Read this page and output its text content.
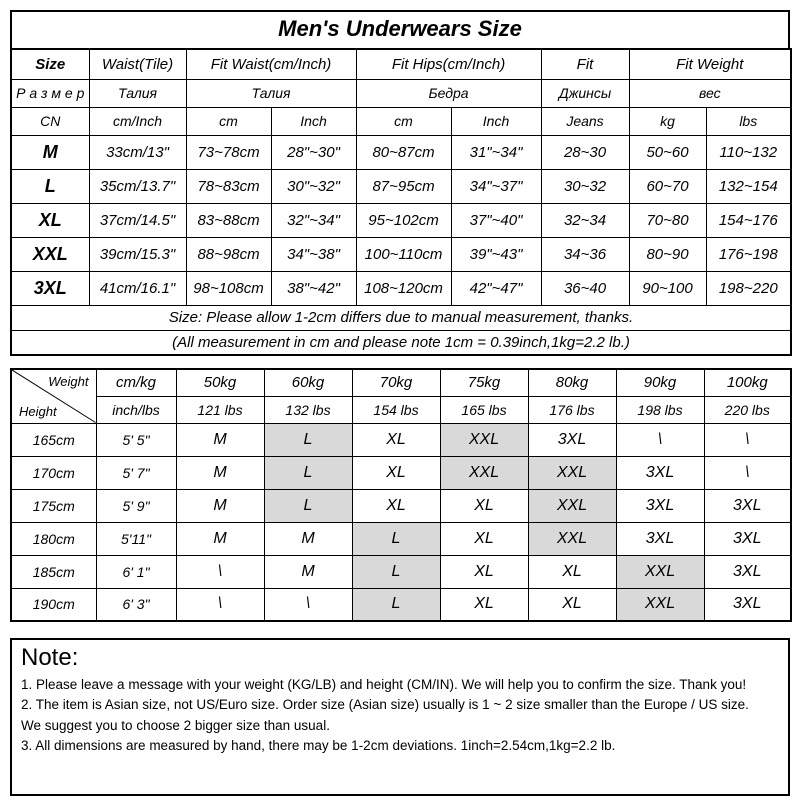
Men's Underwears Size
Size	Waist(Tile)	Fit Waist(cm/Inch)		Fit Hips(cm/Inch)		Fit	Fit Weight	
Р а з м е р	Талия	Талия		Бедра		Джинсы	вес	
CN	cm/Inch	cm	Inch	cm	Inch	Jeans	kg	lbs
M	33cm/13"	73~78cm	28"~30"	80~87cm	31"~34"	28~30	50~60	110~132
L	35cm/13.7"	78~83cm	30"~32"	87~95cm	34"~37"	30~32	60~70	132~154
XL	37cm/14.5"	83~88cm	32"~34"	95~102cm	37"~40"	32~34	70~80	154~176
XXL	39cm/15.3"	88~98cm	34"~38"	100~110cm	39"~43"	34~36	80~90	176~198
3XL	41cm/16.1"	98~108cm	38"~42"	108~120cm	42"~47"	36~40	90~100	198~220
Size: Please allow 1-2cm differs due to manual measurement, thanks.								
(All measurement in cm and please note 1cm = 0.39inch,1kg=2.2 lb.)								
Weight
Height	cm/kg	50kg	60kg	70kg	75kg	80kg	90kg	100kg
	inch/lbs	121 lbs	132 lbs	154 lbs	165 lbs	176 lbs	198 lbs	220 lbs
165cm	5' 5"	M	L	XL	XXL	3XL	\	\
170cm	5' 7"	M	L	XL	XXL	XXL	3XL	\
175cm	5' 9"	M	L	XL	XL	XXL	3XL	3XL
180cm	5'11"	M	M	L	XL	XXL	3XL	3XL
185cm	6' 1"	\	M	L	XL	XL	XXL	3XL
190cm	6' 3"	\	\	L	XL	XL	XXL	3XL
Note:
1. Please leave a message with your weight (KG/LB) and height (CM/IN). We will help you to confirm the size. Thank you!
2. The item is Asian size, not US/Euro size. Order size (Asian size) usually is 1 ~ 2 size smaller than the Europe / US size.
We suggest you to choose 2 bigger size than usual.
3. All dimensions are measured by hand, there may be 1-2cm deviations. 1inch=2.54cm,1kg=2.2 lb.
